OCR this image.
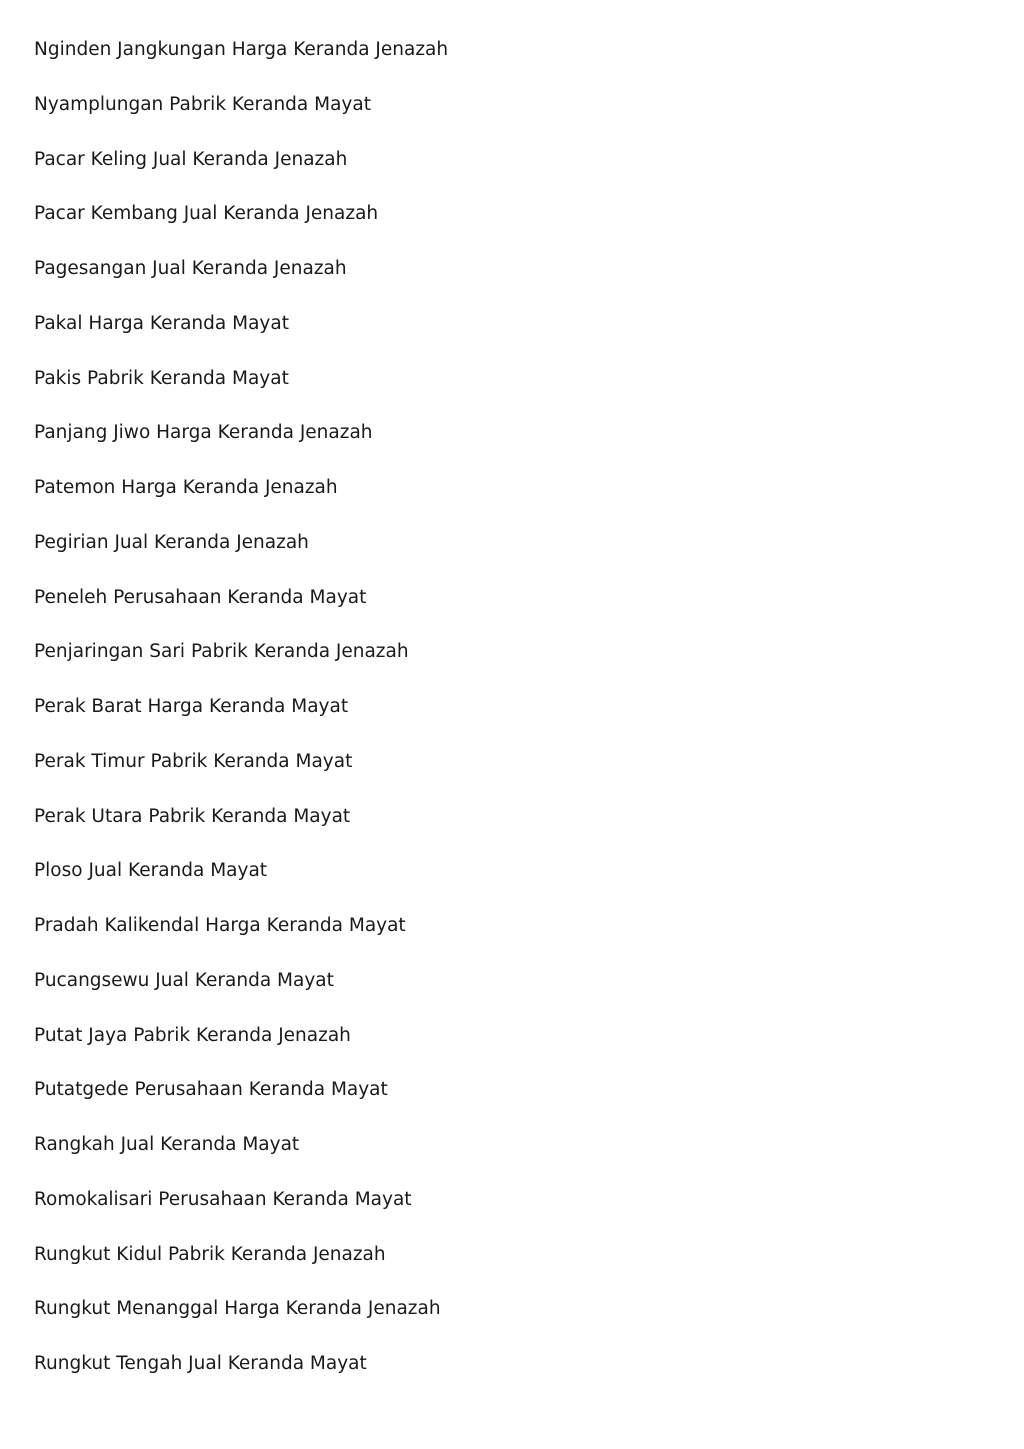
Nginden Jangkungan Harga Keranda Jenazah
Nyamplungan Pabrik Keranda Mayat
Pacar Keling Jual Keranda Jenazah
Pacar Kembang Jual Keranda Jenazah
Pagesangan Jual Keranda Jenazah
Pakal Harga Keranda Mayat
Pakis Pabrik Keranda Mayat
Panjang Jiwo Harga Keranda Jenazah
Patemon Harga Keranda Jenazah
Pegirian Jual Keranda Jenazah
Peneleh Perusahaan Keranda Mayat
Penjaringan Sari Pabrik Keranda Jenazah
Perak Barat Harga Keranda Mayat
Perak Timur Pabrik Keranda Mayat
Perak Utara Pabrik Keranda Mayat
Ploso Jual Keranda Mayat
Pradah Kalikendal Harga Keranda Mayat
Pucangsewu Jual Keranda Mayat
Putat Jaya Pabrik Keranda Jenazah
Putatgede Perusahaan Keranda Mayat
Rangkah Jual Keranda Mayat
Romokalisari Perusahaan Keranda Mayat
Rungkut Kidul Pabrik Keranda Jenazah
Rungkut Menanggal Harga Keranda Jenazah
Rungkut Tengah Jual Keranda Mayat
